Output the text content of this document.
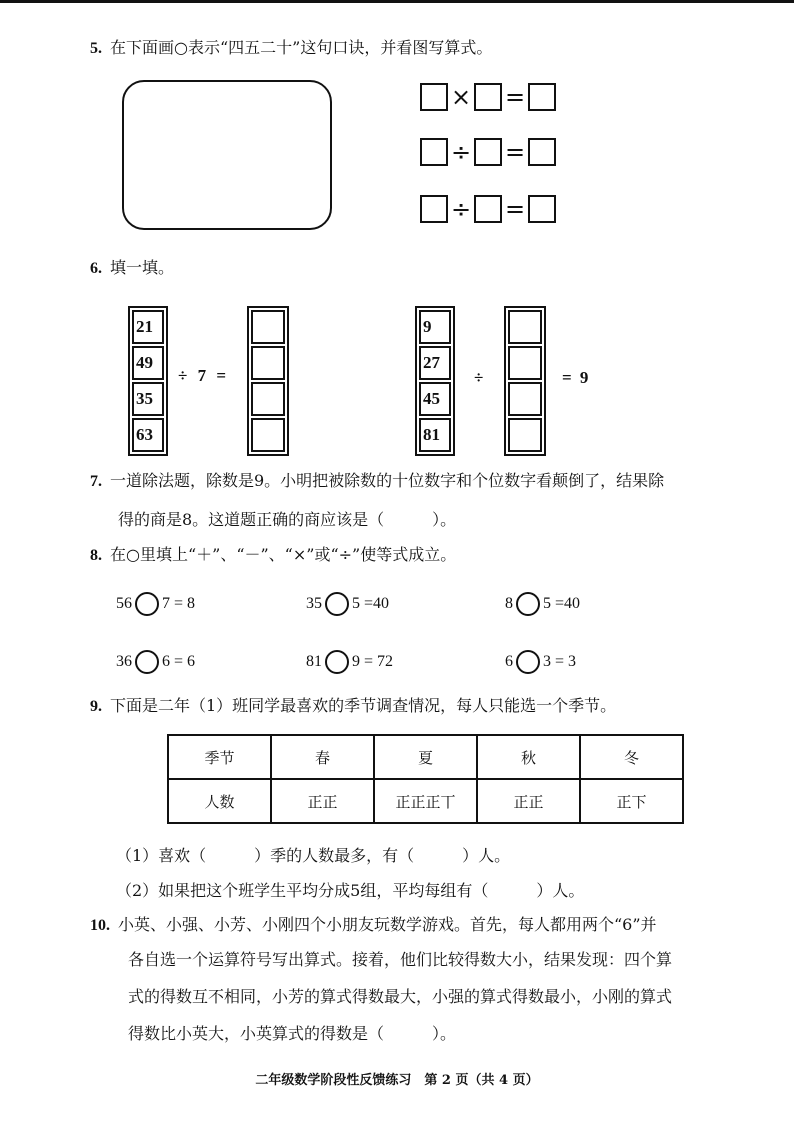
5. 在下面画○表示“四五二十”这句口诀，并看图写算式。
× =
÷ =
÷ =
6. 填一填。
21
49
35
63
÷ 7 =
9
27
45
81
÷	= 9
7. 一道除法题，除数是9。小明把被除数的十位数字和个位数字看颠倒了，结果除
得的商是8。这道题正确的商应该是（　　　）。
8. 在○里填上“＋”、“－”、“×”或“÷”使等式成立。
56 7 = 8	35 5 =40	8 5 =40
36 6 = 6	81 9 = 72	6 3 = 3
9. 下面是二年（1）班同学最喜欢的季节调查情况，每人只能选一个季节。
季节	春	夏	秋	冬
人数	正正	正正正丅	正正	正下
（1）喜欢（　　　）季的人数最多，有（　　　）人。
（2）如果把这个班学生平均分成5组，平均每组有（　　　）人。
10. 小英、小强、小芳、小刚四个小朋友玩数学游戏。首先，每人都用两个“6”并
各自选一个运算符号写出算式。接着，他们比较得数大小，结果发现：四个算
式的得数互不相同，小芳的算式得数最大，小强的算式得数最小，小刚的算式
得数比小英大，小英算式的得数是（　　　）。
二年级数学阶段性反馈练习　第 2 页（共 4 页）
